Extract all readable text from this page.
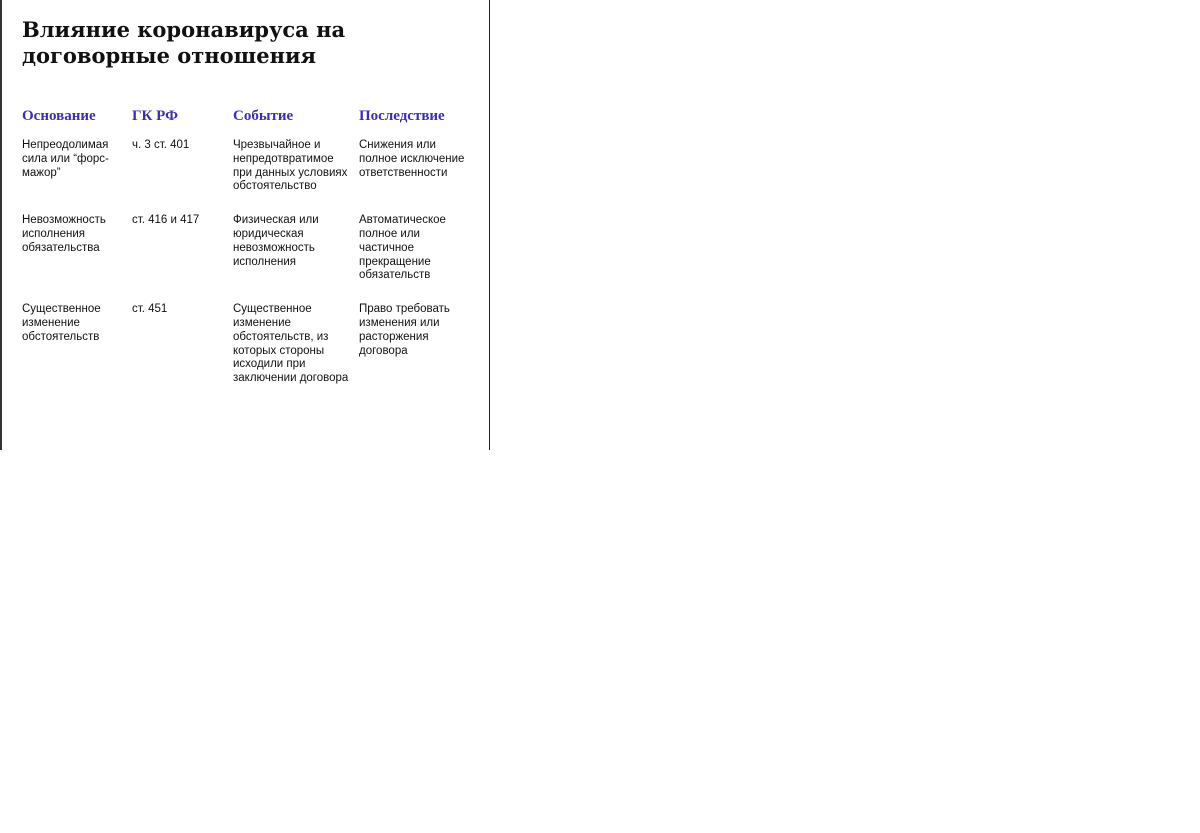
Влияние коронавируса на договорные отношения
Основание	ГК РФ	Событие	Последствие
Непреодолимая сила или “форс-мажор”	ч. 3 ст. 401	Чрезвычайное и непредотвратимое при данных условиях обстоятельство	Снижения или полное исключение ответственности
Невозможность исполнения обязательства	ст. 416 и 417	Физическая или юридическая невозможность исполнения	Автоматическое полное или частичное прекращение обязательств
Существенное изменение обстоятельств	ст. 451	Существенное изменение обстоятельств, из которых стороны исходили при заключении договора	Право требовать изменения или расторжения договора
